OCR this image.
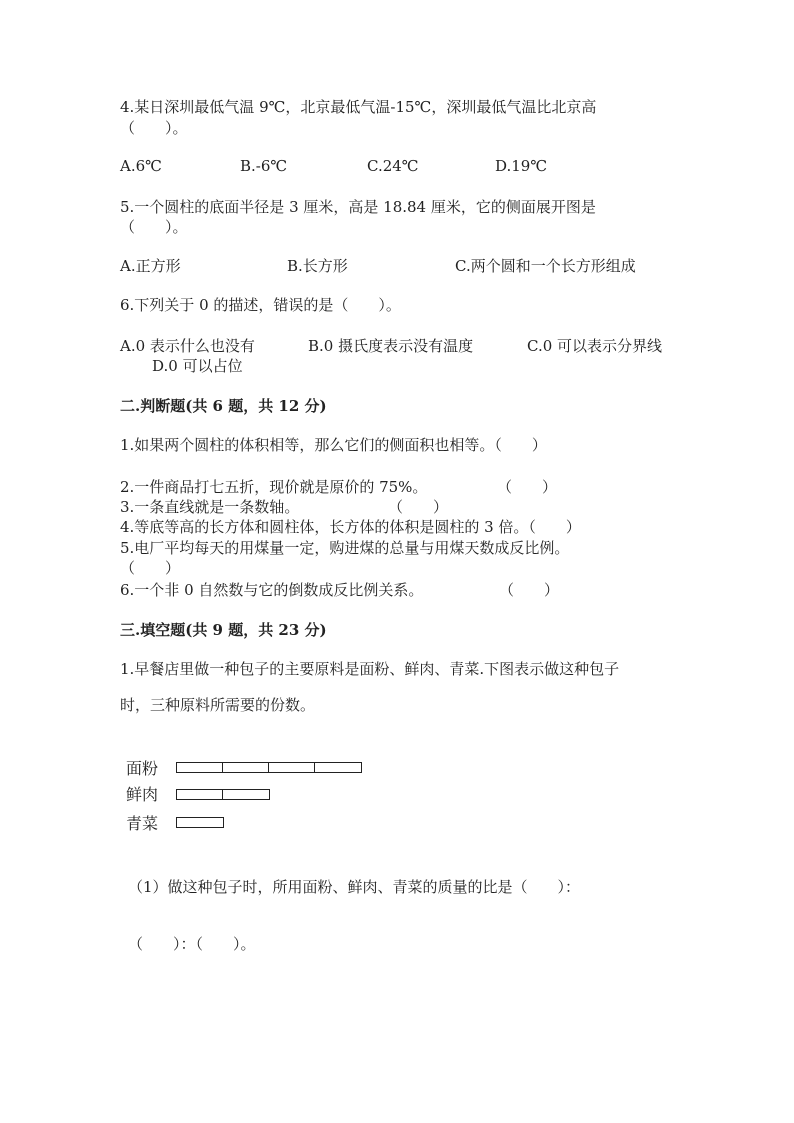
4.某日深圳最低气温 9℃，北京最低气温-15℃，深圳最低气温比北京高
（　　）。
A.6℃	B.-6℃	C.24℃	D.19℃
5.一个圆柱的底面半径是 3 厘米，高是 18.84 厘米，它的侧面展开图是
（　　）。
A.正方形	B.长方形	C.两个圆和一个长方形组成
6.下列关于 0 的描述，错误的是（　　）。
A.0 表示什么也没有	B.0 摄氏度表示没有温度	C.0 可以表示分界线
D.0 可以占位
二.判断题(共 6 题，共 12 分)
1.如果两个圆柱的体积相等，那么它们的侧面积也相等。（　　）
2.一件商品打七五折，现价就是原价的 75%。	（　　）
3.一条直线就是一条数轴。	（　　）
4.等底等高的长方体和圆柱体，长方体的体积是圆柱的 3 倍。（　　）
5.电厂平均每天的用煤量一定，购进煤的总量与用煤天数成反比例。
（　　）
6.一个非 0 自然数与它的倒数成反比例关系。	（　　）
三.填空题(共 9 题，共 23 分)
1.早餐店里做一种包子的主要原料是面粉、鲜肉、青菜.下图表示做这种包子
时，三种原料所需要的份数。
面粉
鲜肉
青菜
（1）做这种包子时，所用面粉、鲜肉、青菜的质量的比是（　　）：
（　　）：（　　）。
